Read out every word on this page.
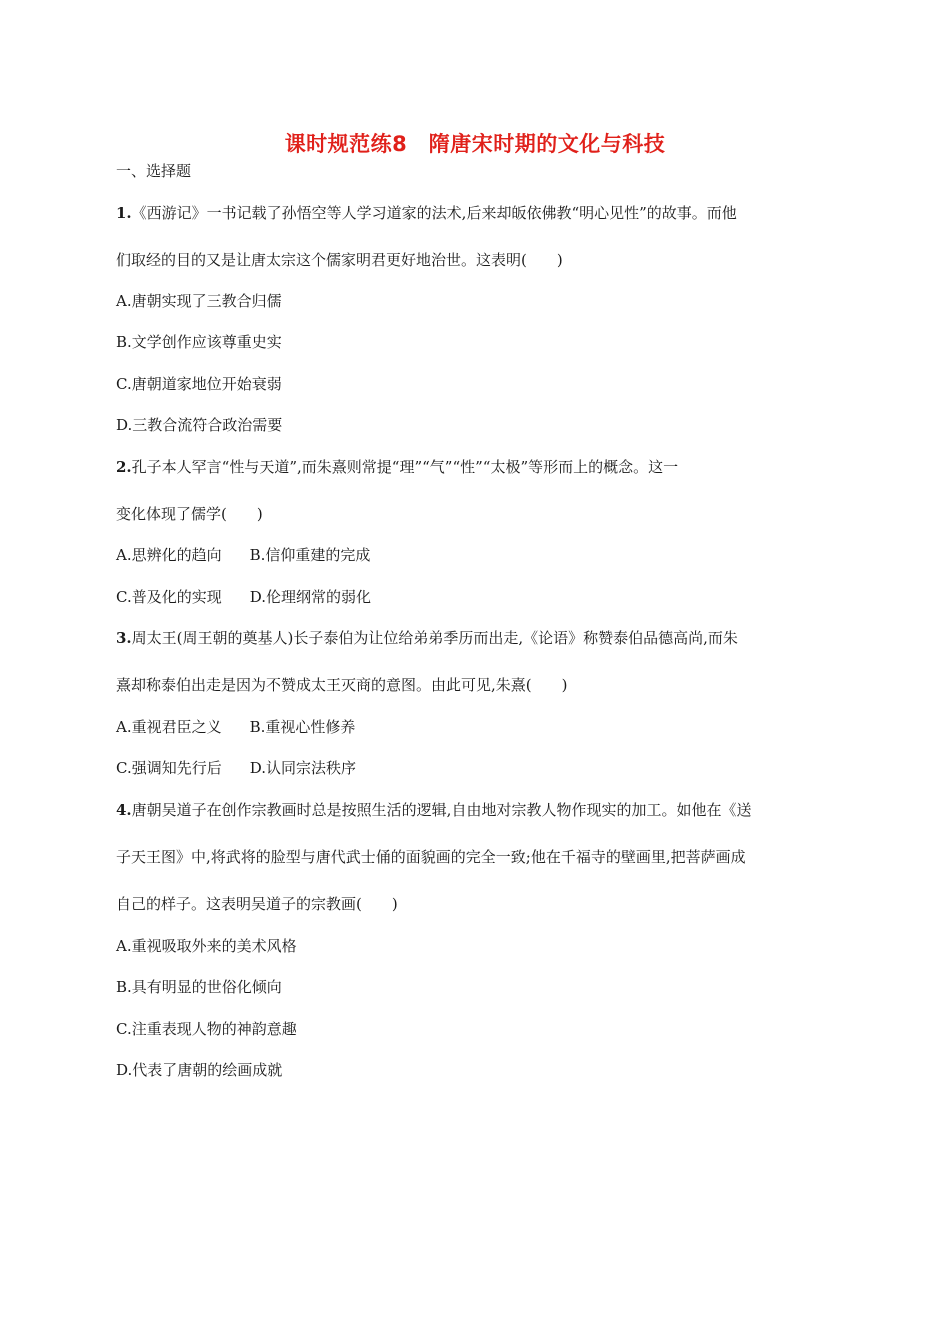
课时规范练8　隋唐宋时期的文化与科技
一、选择题
1.《西游记》一书记载了孙悟空等人学习道家的法术,后来却皈依佛教“明心见性”的故事。而他
们取经的目的又是让唐太宗这个儒家明君更好地治世。这表明(　　)
A.唐朝实现了三教合归儒
B.文学创作应该尊重史实
C.唐朝道家地位开始衰弱
D.三教合流符合政治需要
2.孔子本人罕言“性与天道”,而朱熹则常提“理”“气”“性”“太极”等形而上的概念。这一
变化体现了儒学(　　)
A.思辨化的趋向 B.信仰重建的完成
C.普及化的实现 D.伦理纲常的弱化
3.周太王(周王朝的奠基人)长子泰伯为让位给弟弟季历而出走,《论语》称赞泰伯品德高尚,而朱
熹却称泰伯出走是因为不赞成太王灭商的意图。由此可见,朱熹(　　)
A.重视君臣之义 B.重视心性修养
C.强调知先行后 D.认同宗法秩序
4.唐朝吴道子在创作宗教画时总是按照生活的逻辑,自由地对宗教人物作现实的加工。如他在《送
子天王图》中,将武将的脸型与唐代武士俑的面貌画的完全一致;他在千福寺的壁画里,把菩萨画成
自己的样子。这表明吴道子的宗教画(　　)
A.重视吸取外来的美术风格
B.具有明显的世俗化倾向
C.注重表现人物的神韵意趣
D.代表了唐朝的绘画成就
